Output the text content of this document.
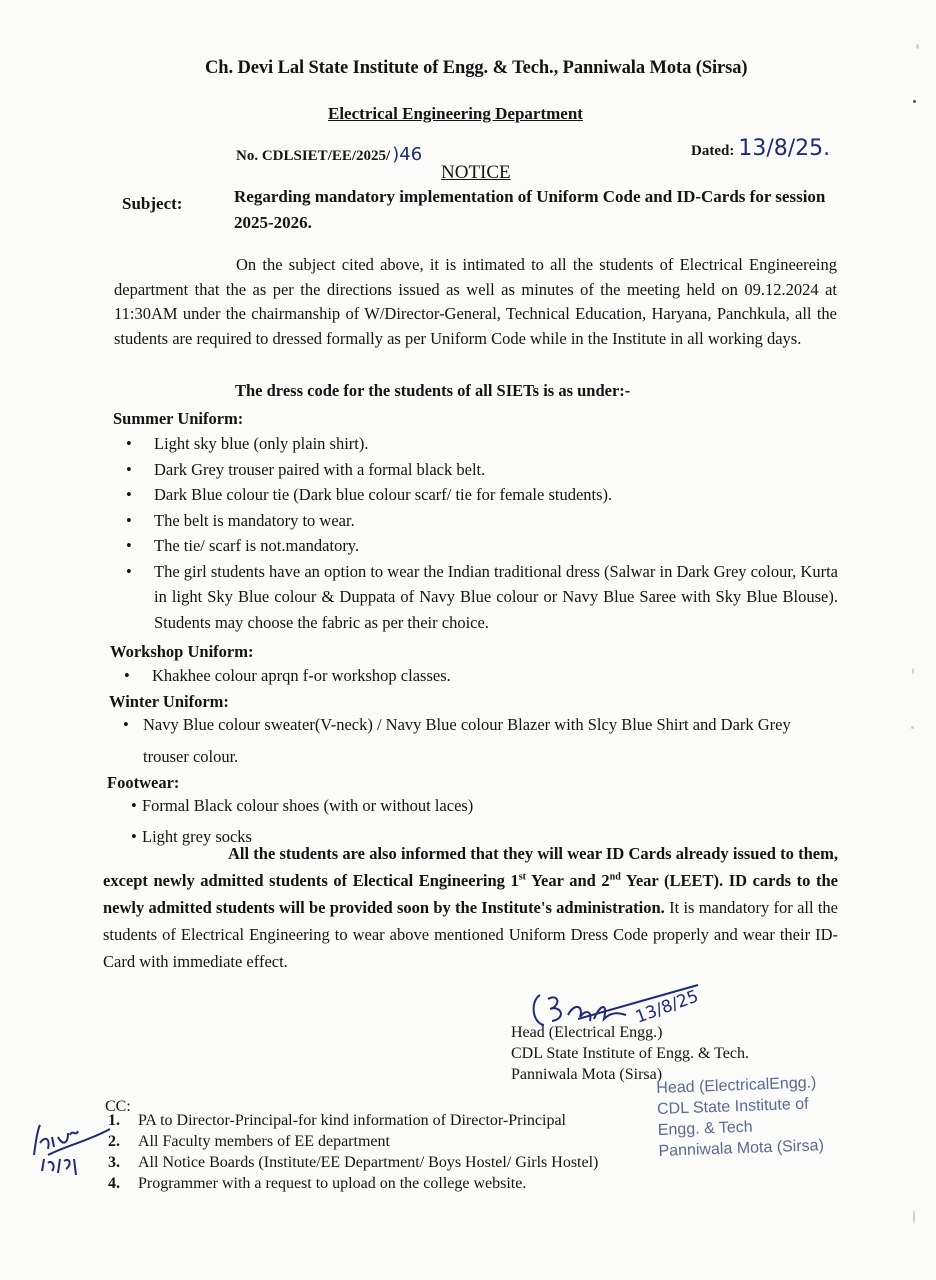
Ch. Devi Lal State Institute of Engg. & Tech., Panniwala Mota (Sirsa)
Electrical Engineering Department
No. CDLSIET/EE/2025/ )46	Dated: 13/8/25.
NOTICE
Subject:	Regarding mandatory implementation of Uniform Code and ID-Cards for session 2025-2026.
On the subject cited above, it is intimated to all the students of Electrical Engineereing department that the as per the directions issued as well as minutes of the meeting held on 09.12.2024 at 11:30AM under the chairmanship of W/Director-General, Technical Education, Haryana, Panchkula, all the students are required to dressed formally as per Uniform Code while in the Institute in all working days.
The dress code for the students of all SIETs is as under:-
Summer Uniform:
• Light sky blue (only plain shirt).
• Dark Grey trouser paired with a formal black belt.
• Dark Blue colour tie (Dark blue colour scarf/ tie for female students).
• The belt is mandatory to wear.
• The tie/ scarf is not.mandatory.
• The girl students have an option to wear the Indian traditional dress (Salwar in Dark Grey colour, Kurta in light Sky Blue colour & Duppata of Navy Blue colour or Navy Blue Saree with Sky Blue Blouse). Students may choose the fabric as per their choice.
Workshop Uniform:
• Khakhee colour aprqn f-or workshop classes.
Winter Uniform:
• Navy Blue colour sweater(V-neck) / Navy Blue colour Blazer with Slcy Blue Shirt and Dark Grey trouser colour.
Footwear:
• Formal Black colour shoes (with or without laces)
• Light grey socks
All the students are also informed that they will wear ID Cards already issued to them, except newly admitted students of Electical Engineering 1st Year and 2nd Year (LEET). ID cards to the newly admitted students will be provided soon by the Institute's administration. It is mandatory for all the students of Electrical Engineering to wear above mentioned Uniform Dress Code properly and wear their ID-Card with immediate effect.
13/8/25
Head (Electrical Engg.)
CDL State Institute of Engg. & Tech.
Panniwala Mota (Sirsa)
Head (ElectricalEngg.)
CDL State Institute of
Engg. & Tech
Panniwala Mota (Sirsa)
CC:
1. PA to Director-Principal-for kind information of Director-Principal
2. All Faculty members of EE department
3. All Notice Boards (Institute/EE Department/ Boys Hostel/ Girls Hostel)
4. Programmer with a request to upload on the college website.
